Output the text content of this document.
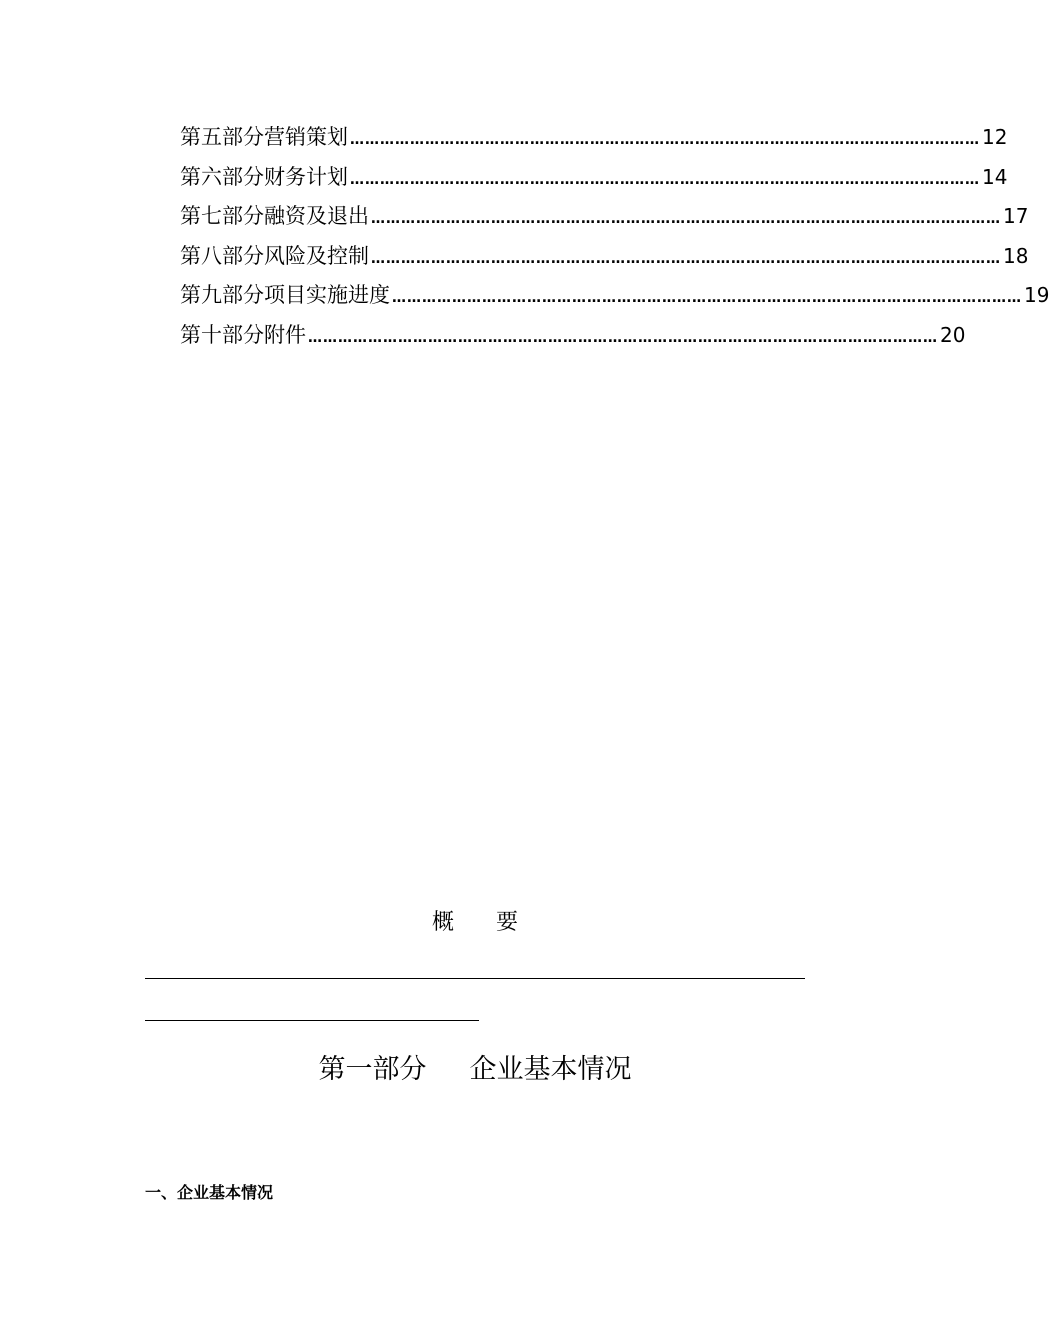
第五部分 营销策划 ……………………………………………………………………………………………………………… 12
第六部分 财务计划 ……………………………………………………………………………………………………………… 14
第七部分 融资及退出 ……………………………………………………………………………………………………………… 17
第八部分 风险及控制 ……………………………………………………………………………………………………………… 18
第九部分 项目实施进度 ……………………………………………………………………………………………………………… 19
第十部分 附件 ……………………………………………………………………………………………………………… 20
概      要
第一部分     企业基本情况
一、企业基本情况
